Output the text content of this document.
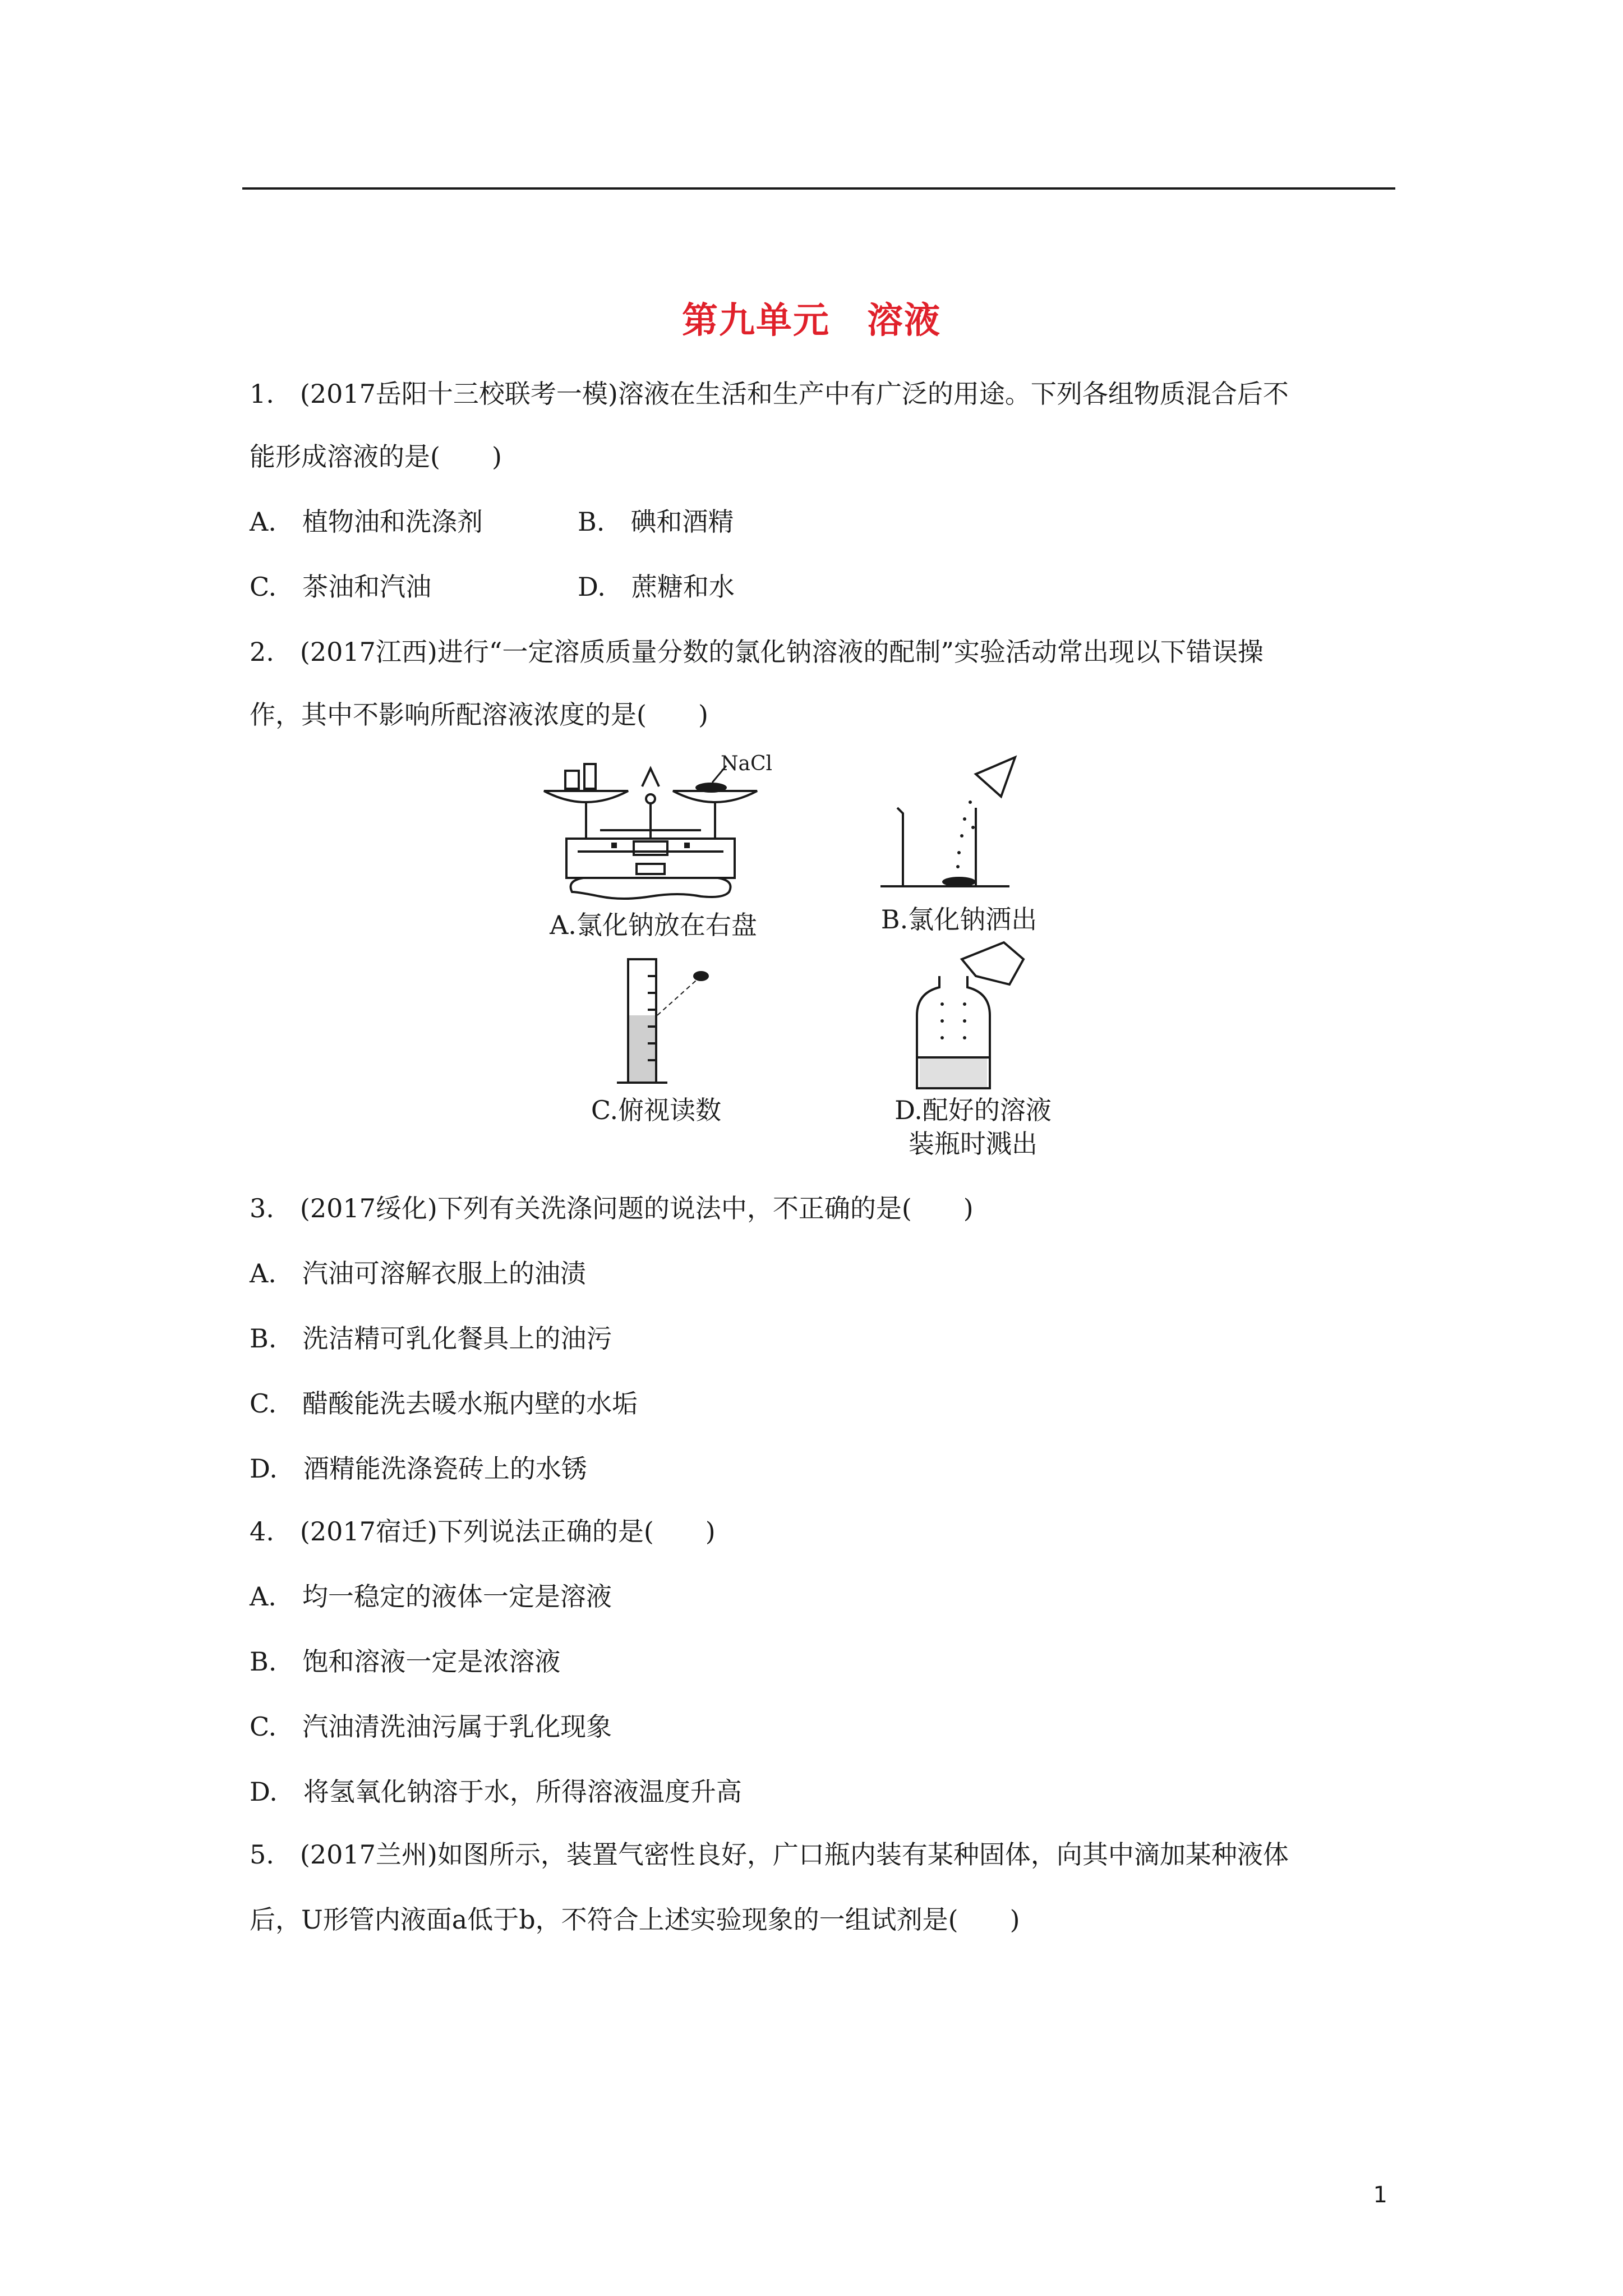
第九单元　溶液
1.　(2017岳阳十三校联考一模)溶液在生活和生产中有广泛的用途。下列各组物质混合后不
能形成溶液的是(　　)
A.　植物油和洗涤剂	B.　碘和酒精
C.　茶油和汽油	D.　蔗糖和水
2.　(2017江西)进行“一定溶质质量分数的氯化钠溶液的配制”实验活动常出现以下错误操
作，其中不影响所配溶液浓度的是(　　)
NaCl
A.氯化钠放在右盘	B.氯化钠洒出
C.俯视读数	D.配好的溶液
装瓶时溅出
3.　(2017绥化)下列有关洗涤问题的说法中，不正确的是(　　)
A.　汽油可溶解衣服上的油渍
B.　洗洁精可乳化餐具上的油污
C.　醋酸能洗去暖水瓶内壁的水垢
D.　酒精能洗涤瓷砖上的水锈
4.　(2017宿迁)下列说法正确的是(　　)
A.　均一稳定的液体一定是溶液
B.　饱和溶液一定是浓溶液
C.　汽油清洗油污属于乳化现象
D.　将氢氧化钠溶于水，所得溶液温度升高
5.　(2017兰州)如图所示，装置气密性良好，广口瓶内装有某种固体，向其中滴加某种液体
后，U形管内液面a低于b，不符合上述实验现象的一组试剂是(　　)
1
